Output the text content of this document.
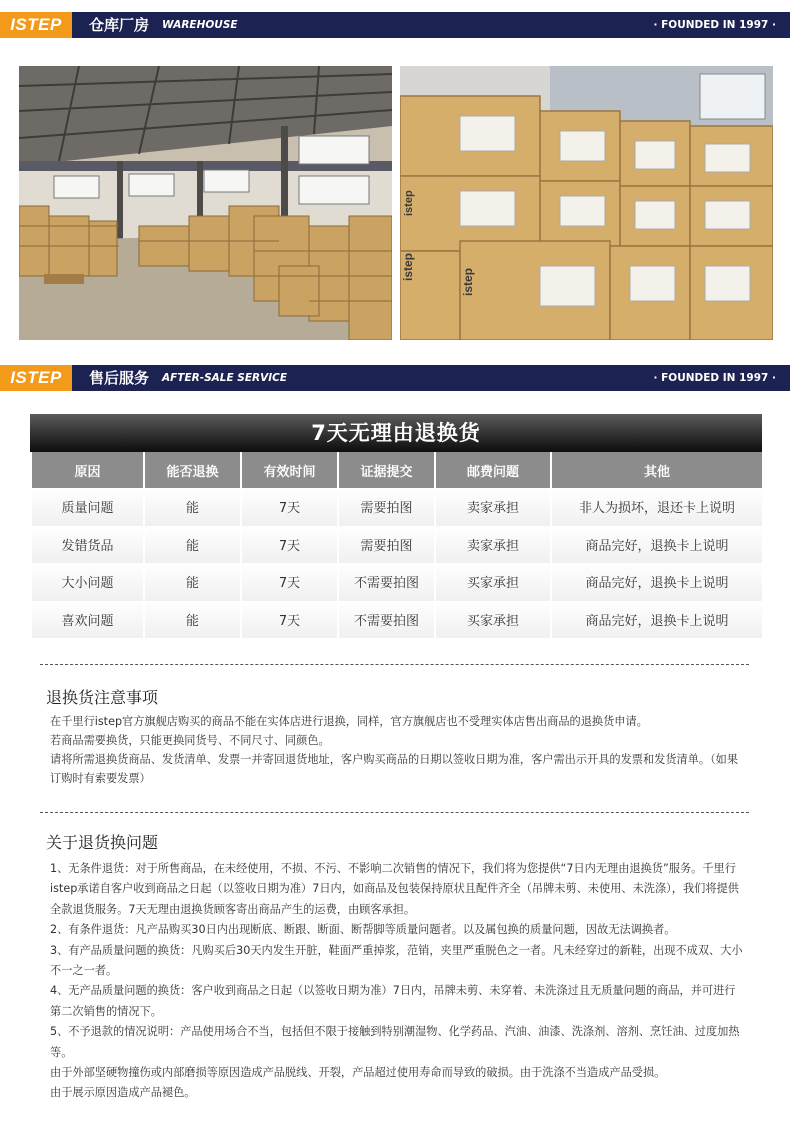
ISTEP	仓库厂房 WAREHOUSE	· FOUNDED IN 1997 ·
istep
istep
istep
ISTEP	售后服务 AFTER-SALE SERVICE	· FOUNDED IN 1997 ·
7天无理由退换货
原因	能否退换	有效时间	证据提交	邮费问题	其他
质量问题	能	7天	需要拍图	卖家承担	非人为损坏，退还卡上说明
发错货品	能	7天	需要拍图	卖家承担	商品完好，退换卡上说明
大小问题	能	7天	不需要拍图	买家承担	商品完好，退换卡上说明
喜欢问题	能	7天	不需要拍图	买家承担	商品完好，退换卡上说明
退换货注意事项

在千里行istep官方旗舰店购买的商品不能在实体店进行退换，同样，官方旗舰店也不受理实体店售出商品的退换货申请。

若商品需要换货，只能更换同货号、不同尺寸、同颜色。

请将所需退换货商品、发货清单、发票一并寄回退货地址，客户购买商品的日期以签收日期为准，客户需出示开具的发票和发货清单。（如果订购时有索要发票）

关于退货换问题

1、无条件退货：对于所售商品，在未经使用，不损、不污、不影响二次销售的情况下，我们将为您提供“7日内无理由退换货”服务。千里行istep承诺自客户收到商品之日起（以签收日期为准）7日内，如商品及包装保持原状且配件齐全（吊牌未剪、未使用、未洗涤），我们将提供全款退货服务。7天无理由退换货顾客寄出商品产生的运费，由顾客承担。

2、有条件退货：凡产品购买30日内出现断底、断跟、断面、断帮脚等质量问题者。以及属包换的质量问题，因故无法调换者。

3、有产品质量问题的换货：凡购买后30天内发生开脏，鞋面严重掉浆，范销，夹里严重脱色之一者。凡未经穿过的新鞋，出现不成双、大小不一之一者。

4、无产品质量问题的换货：客户收到商品之日起（以签收日期为准）7日内，吊牌未剪、未穿着、未洗涤过且无质量问题的商品，并可进行第二次销售的情况下。

5、不予退款的情况说明：产品使用场合不当，包括但不限于接触到特别潮湿物、化学药品、汽油、油漆、洗涤剂、溶剂、烹饪油、过度加热等。

由于外部坚硬物撞伤或内部磨损等原因造成产品脱线、开裂，产品超过使用寿命而导致的破损。由于洗涤不当造成产品受损。

由于展示原因造成产品褪色。
